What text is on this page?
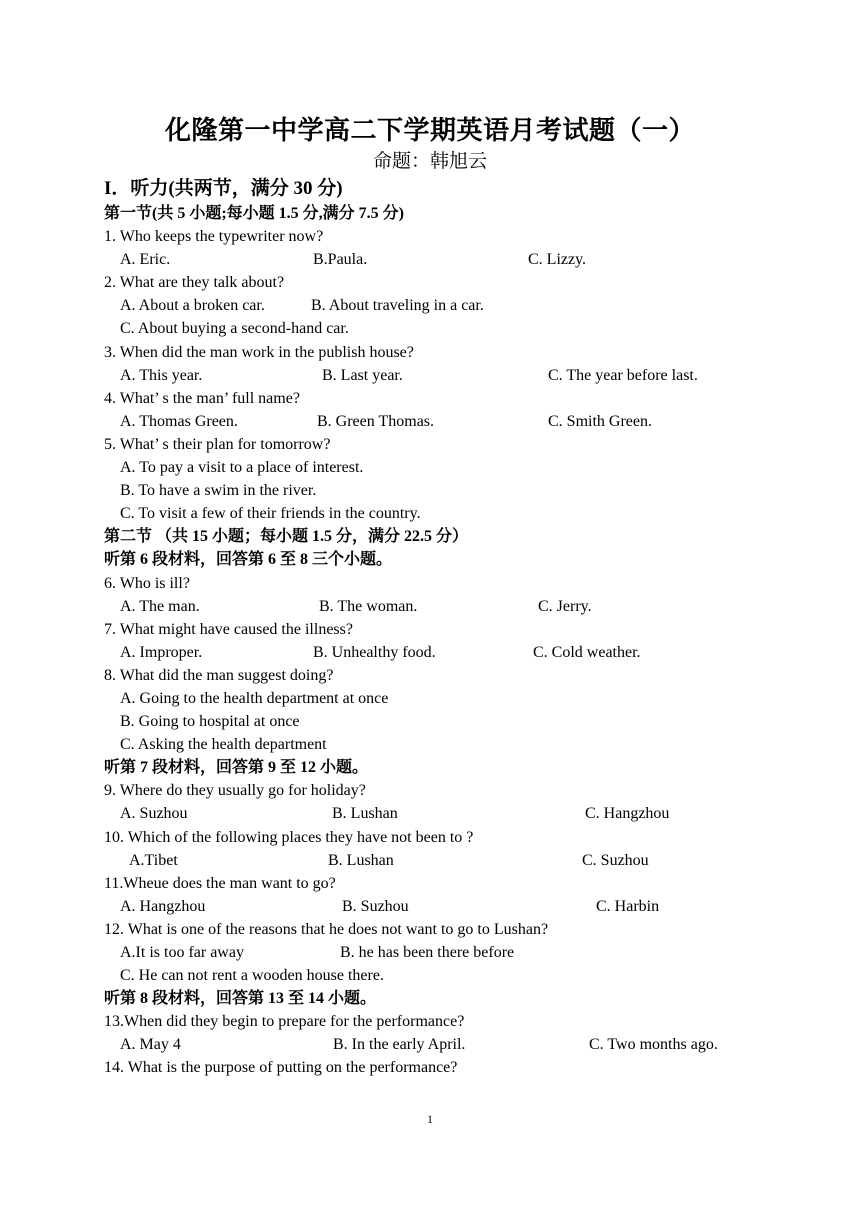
化隆第一中学高二下学期英语月考试题（一）
命题：韩旭云
I．听力(共两节，满分 30 分)
第一节(共 5 小题;每小题 1.5 分,满分 7.5 分)
1. Who keeps the typewriter now?
A. Eric.	B.Paula.	C. Lizzy.
2. What are they talk about?
A. About a broken car.	B. About traveling in a car.
C. About buying a second-hand car.
3. When did the man work in the publish house?
A. This year.	B. Last year.	C. The year before last.
4. What’ s the man’ full name?
A. Thomas Green.	B. Green Thomas.	C. Smith Green.
5. What’ s their plan for tomorrow?
A. To pay a visit to a place of interest.
B. To have a swim in the river.
C. To visit a few of their friends in the country.
第二节 （共 15 小题；每小题 1.5 分，满分 22.5 分）
听第 6 段材料，回答第 6 至 8 三个小题。
6. Who is ill?
A. The man.	B. The woman.	C. Jerry.
7. What might have caused the illness?
A. Improper.	B. Unhealthy food.	C. Cold weather.
8. What did the man suggest doing?
A. Going to the health department at once
B. Going to hospital at once
C. Asking the health department
听第 7 段材料，回答第 9 至 12 小题。
9. Where do they usually go for holiday?
A. Suzhou	B. Lushan	C. Hangzhou
10. Which of the following places they have not been to ?
A.Tibet	B. Lushan	C. Suzhou
11.Wheue does the man want to go?
A. Hangzhou	B. Suzhou	C. Harbin
12. What is one of the reasons that he does not want to go to Lushan?
A.It is too far away	B. he has been there before
C. He can not rent a wooden house there.
听第 8 段材料，回答第 13 至 14 小题。
13.When did they begin to prepare for the performance?
A. May 4	B. In the early April.	C. Two months ago.
14. What is the purpose of putting on the performance?
1
